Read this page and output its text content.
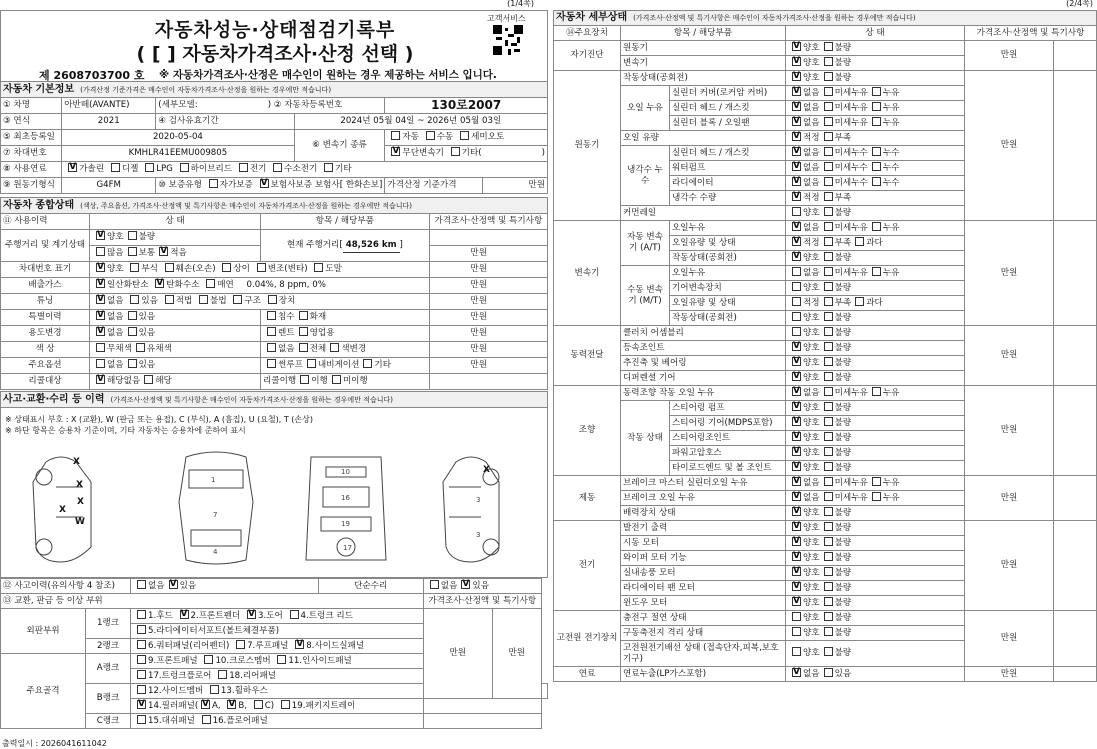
(1/4쪽)
자동차성능·상태점검기록부
( [ ] 자동차가격조사·산정 선택 )
고객서비스
제 2608703700 호 ※ 자동차가격조사·산정은 매수인이 원하는 경우 제공하는 서비스 입니다.
자동차 기본정보 (가격산정 기준가격은 매수인이 자동차가격조사·산정을 원하는 경우에만 적습니다)					
① 차명	아반떼(AVANTE)	(세부모델: ) ② 자동차등록번호		130로2007	
③ 연식	2021	④ 검사유효기간	2024년 05월 04일 ~ 2026년 05월 03일		
⑤ 최초등록일	2020-05-04		⑥ 변속기 종류	자동 수동 세미오토	
⑦ 차대번호	KMHLR41EEMU009805	V무단변속기 기타( )
⑧ 사용연료	V가솔린 디젤 LPG 하이브리드 전기 수소전기 기타
⑨ 원동기형식	G4FM	⑩ 보증유형 자가보증 V 보험사보증 보험사[ 한화손보]		가격산정 기준가격	만원
자동차 종합상태 (색상, 주요옵션, 가격조사·산정액 및 특기사항은 매수인이 자동차가격조사·산정을 원하는 경우에만 적습니다)			
⑪ 사용이력	상 태	항목 / 해당부품	가격조사·산정액 및 특기사항
주행거리 및 계기상태	V양호 불량	현재 주행거리[ 48,526 km ]	
	많음 보통 V 적음		만원
차대번호 표기	V양호 부식 훼손(오손) 상이 변조(변타) 도말		만원
배출가스	V일산화탄소 V 탄화수소 매연 0.04%, 8 ppm, 0%		만원
튜닝	V없음 있음 적법 불법 구조 장치		만원
특별이력	V없음 있음	침수 화재	만원
용도변경	V없음 있음	렌트 영업용	만원
색 상	무채색 유채색	없음 전체 색변경	만원
주요옵션	없음 있음	썬루프 내비게이션 기타	만원
리콜대상	V해당없음 해당	리콜이행 이행 미이행	
사고·교환·수리 등 이력 (가격조사·산정액 및 특기사항은 매수인이 자동차가격조사·산정을 원하는 경우에만 적습니다)
※ 상태표시 부호 : X (교환), W (판금 또는 용접), C (부식), A (흠집), U (요철), T (손상)
※ 하단 항목은 승용차 기준이며, 기타 자동차는 승용차에 준하여 표시
1
7
4
10
16
19
17
3
3
X
X
X
X
W
X
⑫ 사고이력(유의사항 4 참조)		없음 V 있음	단순수리	없음 V 있음
⑬ 교환, 판금 등 이상 부위				가격조사·산정액 및 특기사항		
외판부위	1랭크	1.후드 V 2.프론트펜더 V 3.도어 4.트렁크 리드		만원	만원	
		5.라디에이터서포트(볼트체결부품)				
	2랭크	6.쿼터패널(리어펜더) 7.루프패널 V 8.사이드실패널
주요골격	A랭크	9.프론트패널 10.크로스멤버 11.인사이드패널				
		17.트렁크플로어 18.리어패널				
	B랭크	12.사이드멤버 13.휠하우스				
V14.필러패널( V A, V B, C) 19.패키지트레이	
	C랭크	15.대쉬패널 16.플로어패널				
출력일시 : 2026041611042
(2/4쪽)
자동차 세부상태 (가격조사·산정액 및 특기사항은 매수인이 자동차가격조사·산정을 원하는 경우에만 적습니다)					
⑭주요장치	항목 / 해당부품		상 태	가격조사·산정액 및 특기사항	
자기진단	원동기	V양호 불량	만원	
	변속기	V양호 불량
원동기	작동상태(공회전)	V양호 불량	만원	
	오일 누유	실린더 커버(로커암 커버)	V없음 미세누유 누유
		실린더 헤드 / 개스킷	V없음 미세누유 누유
		실린더 블록 / 오일팬	V없음 미세누유 누유
	오일 유량	V적정 부족
	냉각수 누수	실린더 헤드 / 개스킷	V없음 미세누수 누수
		워터펌프	V없음 미세누수 누수
		라디에이터	V없음 미세누수 누수
		냉각수 수량	V적정 부족
	커먼레일		양호 불량		
변속기	자동 변속기 (A/T)	오일누유	V없음 미세누유 누유	만원	
		오일유량 및 상태	V적정 부족 과다
		작동상태(공회전)	V양호 불량
	수동 변속기 (M/T)	오일누유	없음 미세누유 누유		
		기어변속장치	양호 불량		
		오일유량 및 상태	적정 부족 과다		
		작동상태(공회전)	양호 불량		
동력전달	클러치 어셈블리		양호 불량	만원	
	등속조인트	V양호 불량
	추진축 및 베어링	V양호 불량
	디퍼렌셜 기어	V양호 불량
조향	동력조향 작동 오일 누유	V없음 미세누유 누유	만원	
	작동 상태	스티어링 펌프	V양호 불량
		스티어링 기어(MDPS포함)	V양호 불량
		스티어링조인트	V양호 불량
		파워고압호스	V양호 불량
		타이로드엔드 및 볼 조인트	V양호 불량
제동	브레이크 마스터 실린더오일 누유	V없음 미세누유 누유	만원	
	브레이크 오일 누유	V없음 미세누유 누유
	배력장치 상태	V양호 불량
전기	발전기 출력	V양호 불량	만원	
	시동 모터	V양호 불량
	와이퍼 모터 기능	V양호 불량
	실내송풍 모터	V양호 불량
	라디에이터 팬 모터	V양호 불량
	윈도우 모터	V양호 불량
고전원 전기장치	충전구 절연 상태		양호 불량	만원	
	구동축전지 격리 상태		양호 불량		
	고전원전기배선 상태 (접속단자,피복,보호기구)		양호 불량		
연료	연료누출(LP가스포함)	V없음 있음	만원	
